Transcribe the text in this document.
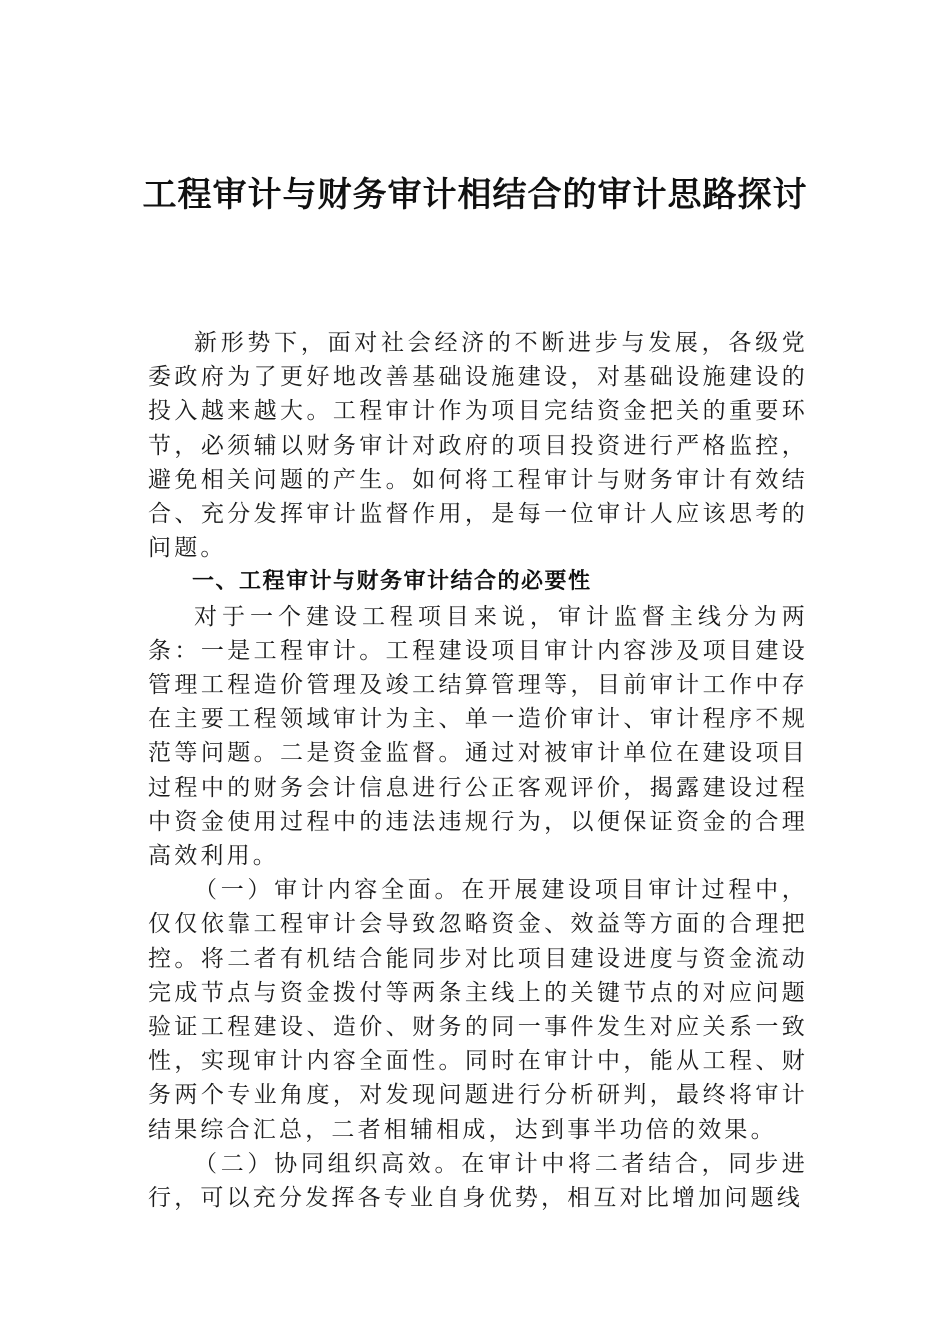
工程审计与财务审计相结合的审计思路探讨

新形势下，面对社会经济的不断进步与发展，各级党委政府为了更好地改善基础设施建设，对基础设施建设的投入越来越大。工程审计作为项目完结资金把关的重要环节，必须辅以财务审计对政府的项目投资进行严格监控，避免相关问题的产生。如何将工程审计与财务审计有效结合、充分发挥审计监督作用，是每一位审计人应该思考的问题。

一、工程审计与财务审计结合的必要性

对于一个建设工程项目来说，审计监督主线分为两条：一是工程审计。工程建设项目审计内容涉及项目建设管理工程造价管理及竣工结算管理等，目前审计工作中存在主要工程领域审计为主、单一造价审计、审计程序不规范等问题。二是资金监督。通过对被审计单位在建设项目过程中的财务会计信息进行公正客观评价，揭露建设过程中资金使用过程中的违法违规行为，以便保证资金的合理高效利用。

（一）审计内容全面。在开展建设项目审计过程中，仅仅依靠工程审计会导致忽略资金、效益等方面的合理把控。将二者有机结合能同步对比项目建设进度与资金流动完成节点与资金拨付等两条主线上的关键节点的对应问题验证工程建设、造价、财务的同一事件发生对应关系一致性，实现审计内容全面性。同时在审计中，能从工程、财务两个专业角度，对发现问题进行分析研判，最终将审计结果综合汇总，二者相辅相成，达到事半功倍的效果。

（二）协同组织高效。在审计中将二者结合，同步进行，可以充分发挥各专业自身优势，相互对比增加问题线
